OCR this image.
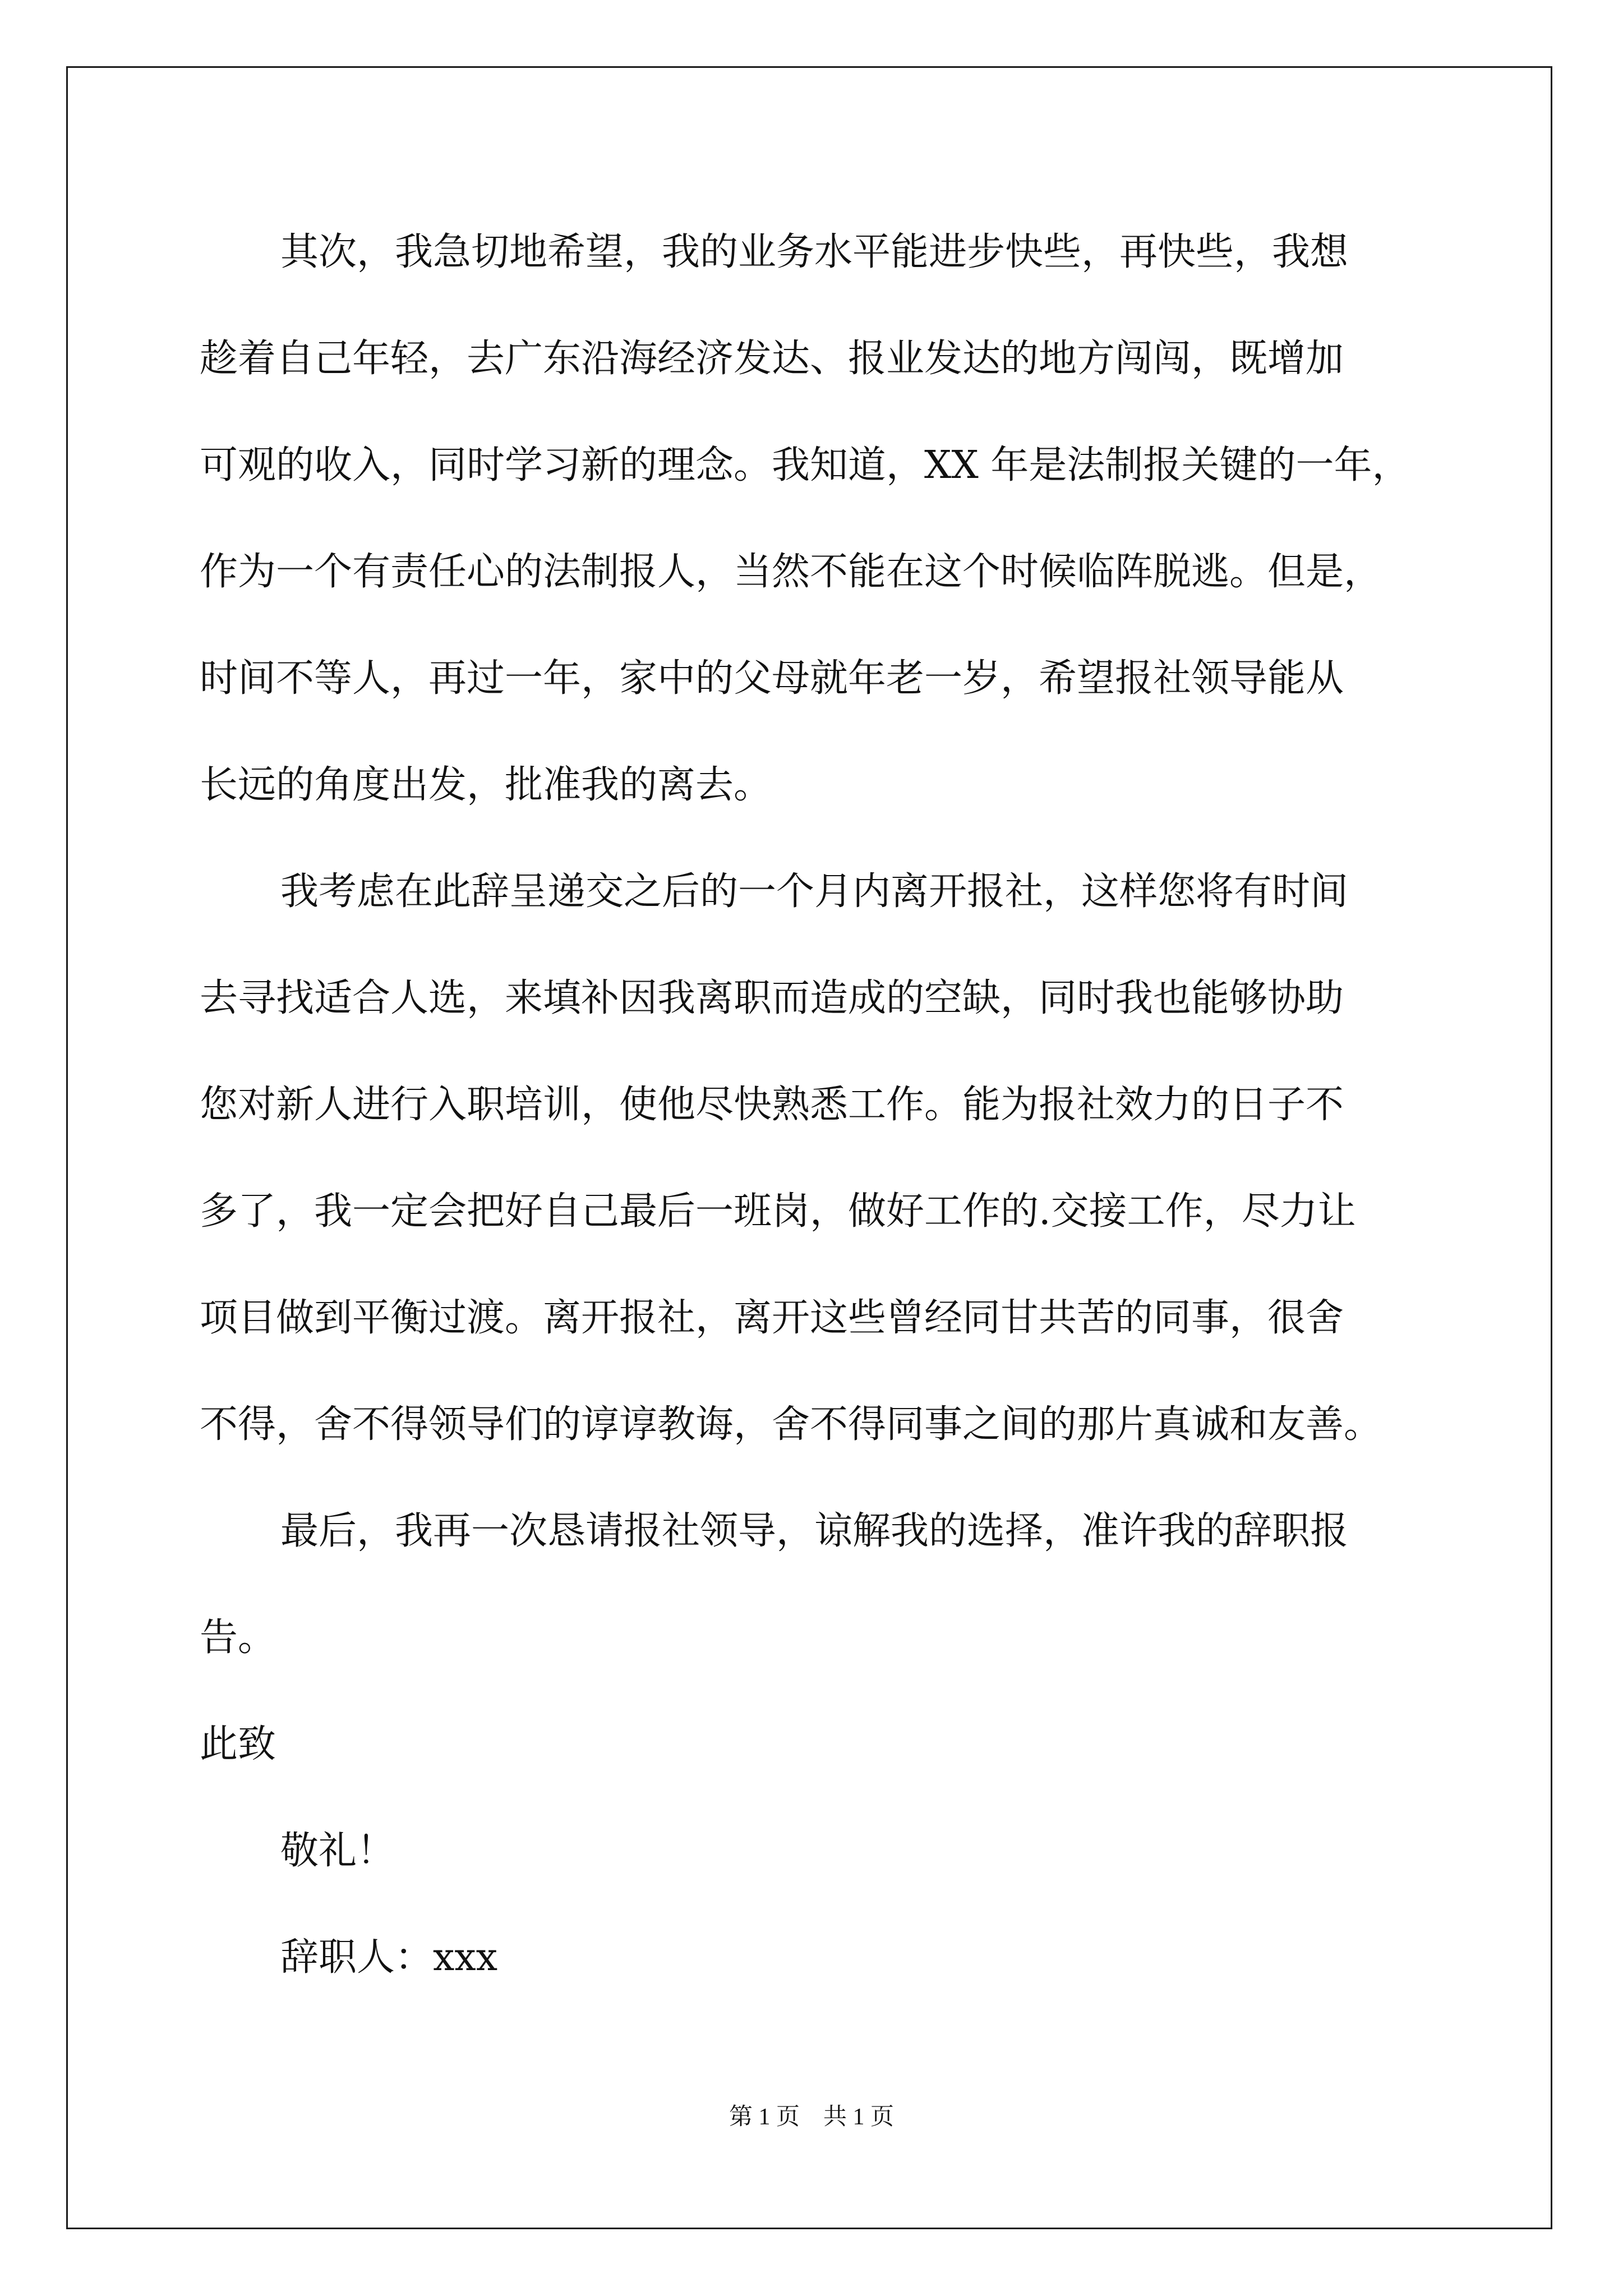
其次，我急切地希望，我的业务水平能进步快些，再快些，我想
趁着自己年轻，去广东沿海经济发达、报业发达的地方闯闯，既增加
可观的收入，同时学习新的理念。我知道，XX 年是法制报关键的一年，
作为一个有责任心的法制报人，当然不能在这个时候临阵脱逃。但是，
时间不等人，再过一年，家中的父母就年老一岁，希望报社领导能从
长远的角度出发，批准我的离去。
我考虑在此辞呈递交之后的一个月内离开报社，这样您将有时间
去寻找适合人选，来填补因我离职而造成的空缺，同时我也能够协助
您对新人进行入职培训，使他尽快熟悉工作。能为报社效力的日子不
多了，我一定会把好自己最后一班岗，做好工作的.交接工作，尽力让
项目做到平衡过渡。离开报社，离开这些曾经同甘共苦的同事，很舍
不得，舍不得领导们的谆谆教诲，舍不得同事之间的那片真诚和友善。
最后，我再一次恳请报社领导，谅解我的选择，准许我的辞职报
告。
此致
敬礼！
辞职人：xxx
第 1 页　共 1 页
